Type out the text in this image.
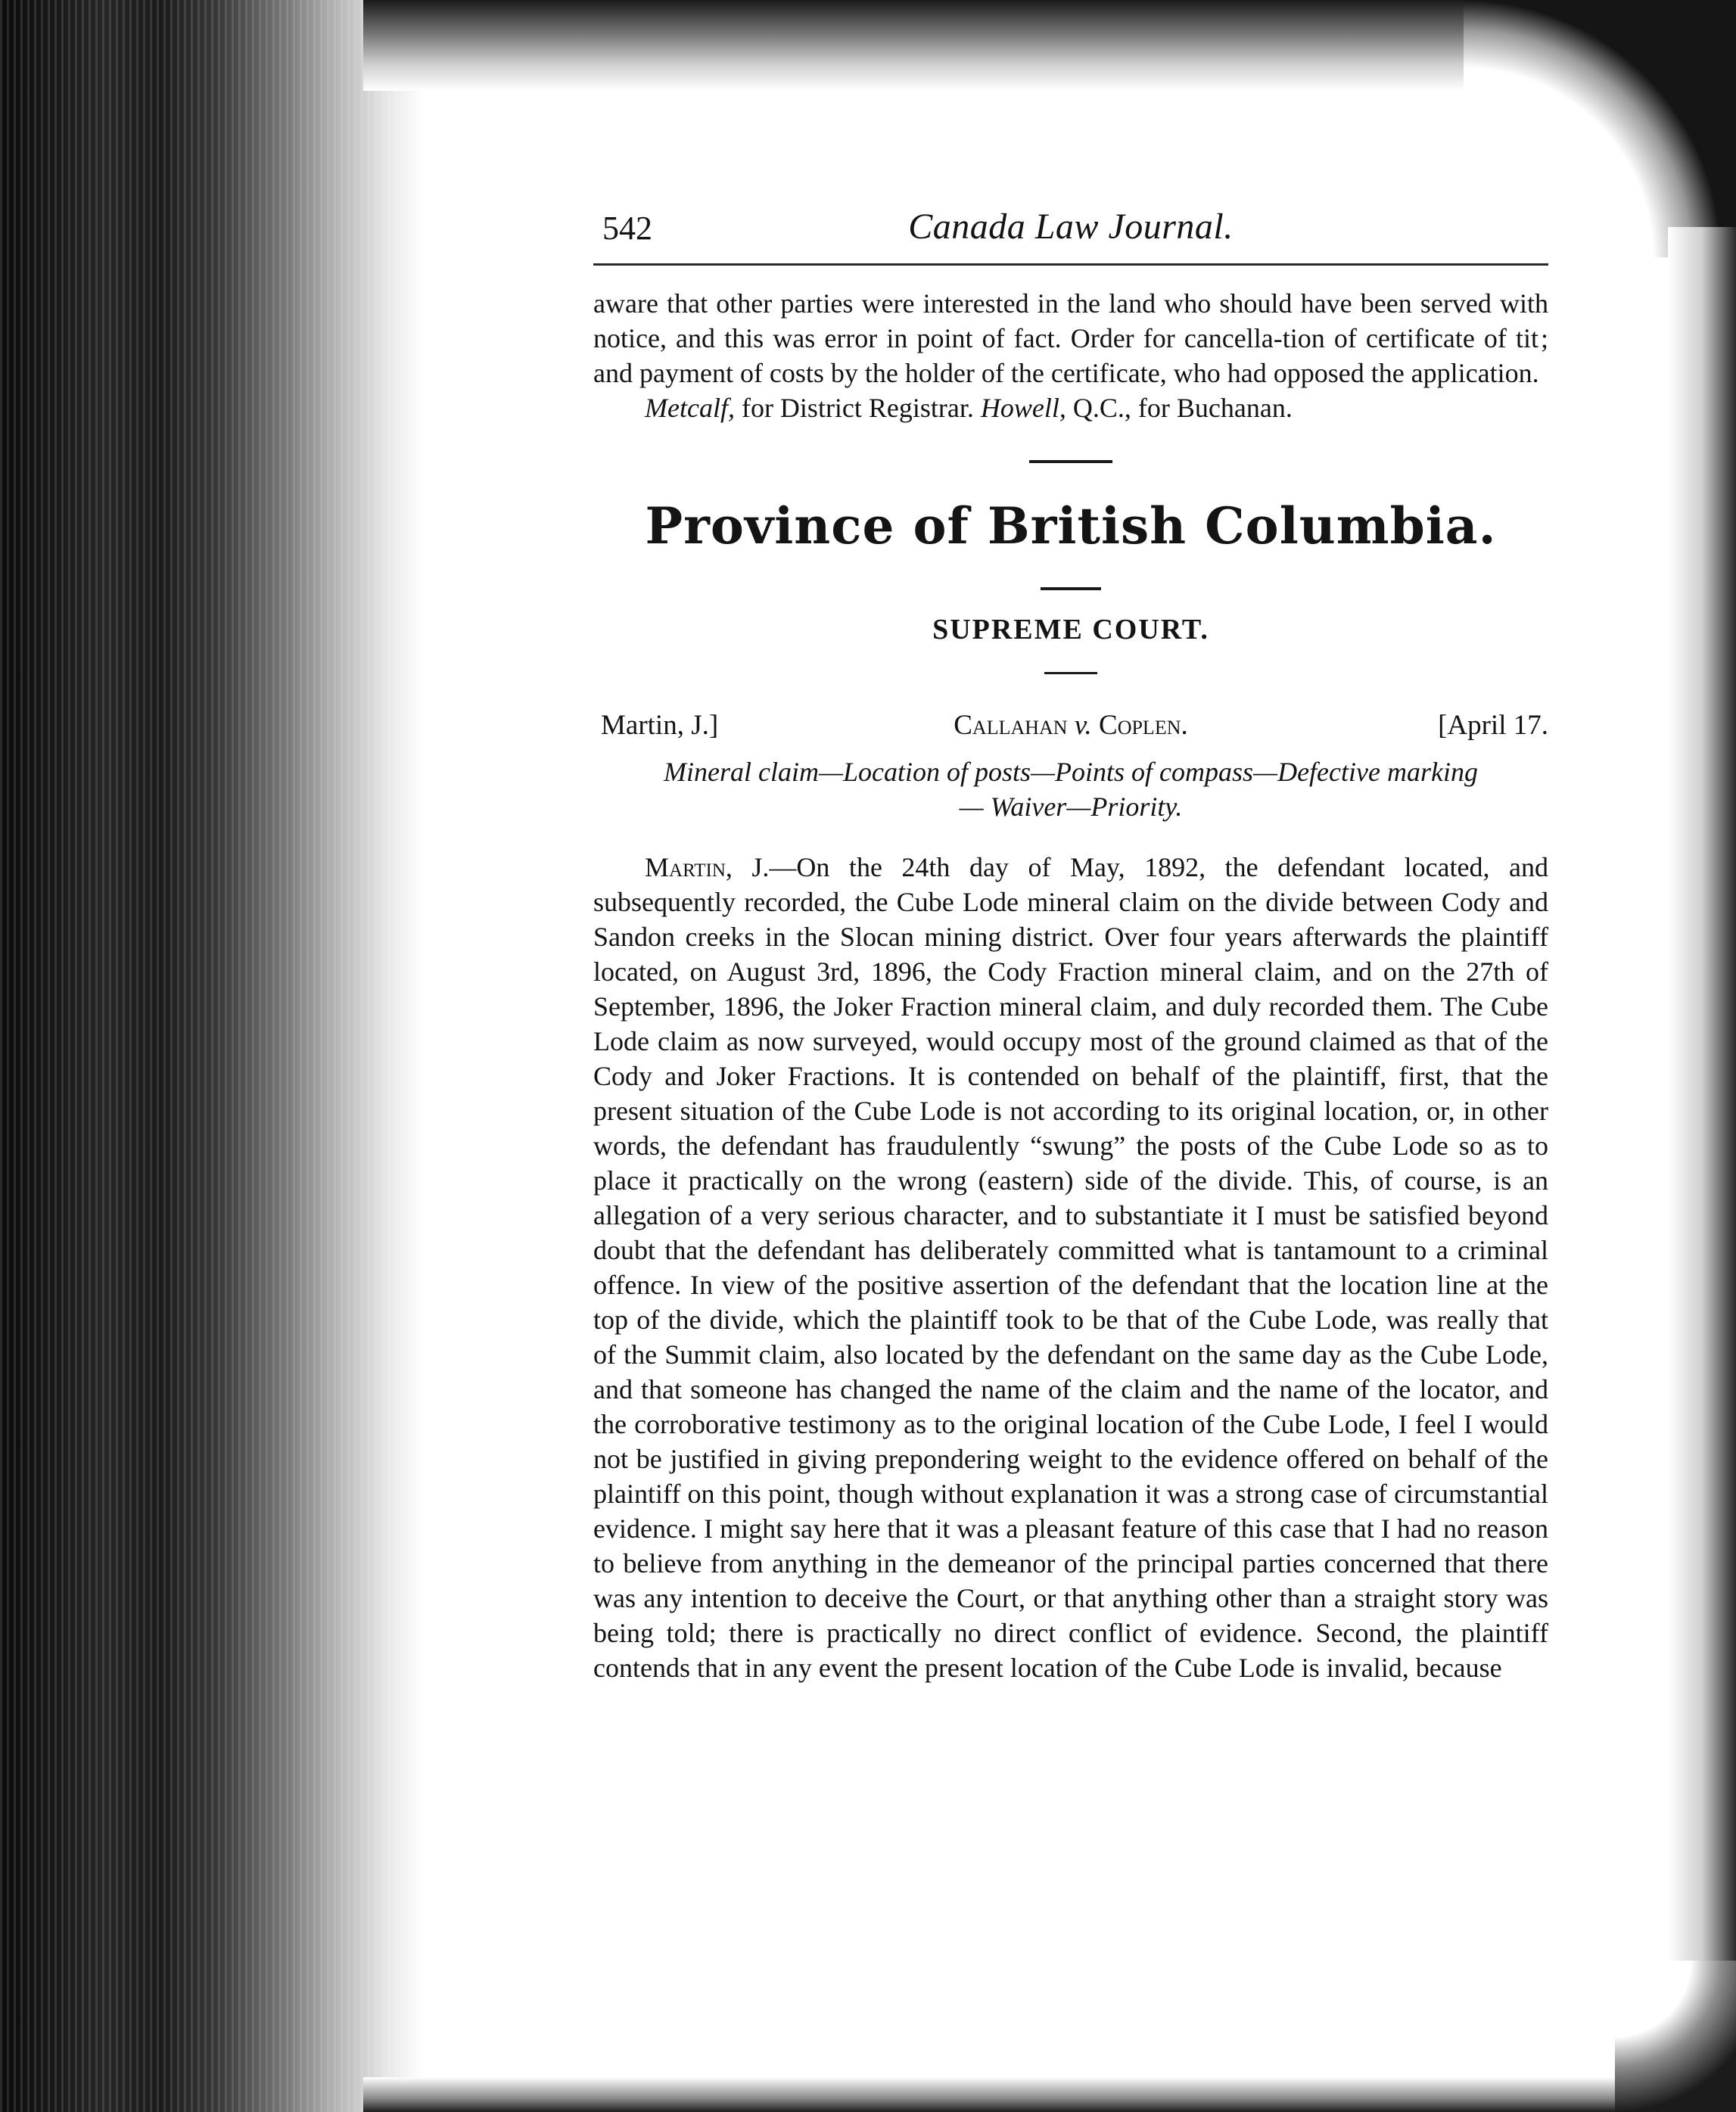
542	Canada Law Journal.

aware that other parties were interested in the land who should have been served with notice, and this was error in point of fact. Order for cancella-tion of certificate of tit ; and payment of costs by the holder of the certificate, who had opposed the application.

Metcalf, for District Registrar. Howell, Q.C., for Buchanan.

Province of British Columbia.
SUPREME COURT.
Martin, J.]	Callahan v. Coplen.	[April 17.

Mineral claim—Location of posts—Points of compass—Defective marking
— Waiver—Priority.

Martin, J.—On the 24th day of May, 1892, the defendant located, and subsequently recorded, the Cube Lode mineral claim on the divide between Cody and Sandon creeks in the Slocan mining district. Over four years afterwards the plaintiff located, on August 3rd, 1896, the Cody Fraction mineral claim, and on the 27th of September, 1896, the Joker Fraction mineral claim, and duly recorded them. The Cube Lode claim as now surveyed, would occupy most of the ground claimed as that of the Cody and Joker Fractions. It is contended on behalf of the plaintiff, first, that the present situation of the Cube Lode is not according to its original location, or, in other words, the defendant has fraudulently “swung” the posts of the Cube Lode so as to place it practically on the wrong (eastern) side of the divide. This, of course, is an allegation of a very serious character, and to substantiate it I must be satisfied beyond doubt that the defendant has deliberately committed what is tantamount to a criminal offence. In view of the positive assertion of the defendant that the location line at the top of the divide, which the plaintiff took to be that of the Cube Lode, was really that of the Summit claim, also located by the defendant on the same day as the Cube Lode, and that someone has changed the name of the claim and the name of the locator, and the corroborative testimony as to the original location of the Cube Lode, I feel I would not be justified in giving prepondering weight to the evidence offered on behalf of the plaintiff on this point, though without explanation it was a strong case of circumstantial evidence. I might say here that it was a pleasant feature of this case that I had no reason to believe from anything in the demeanor of the principal parties concerned that there was any intention to deceive the Court, or that anything other than a straight story was being told; there is practically no direct conflict of evidence. Second, the plaintiff contends that in any event the present location of the Cube Lode is invalid, because
